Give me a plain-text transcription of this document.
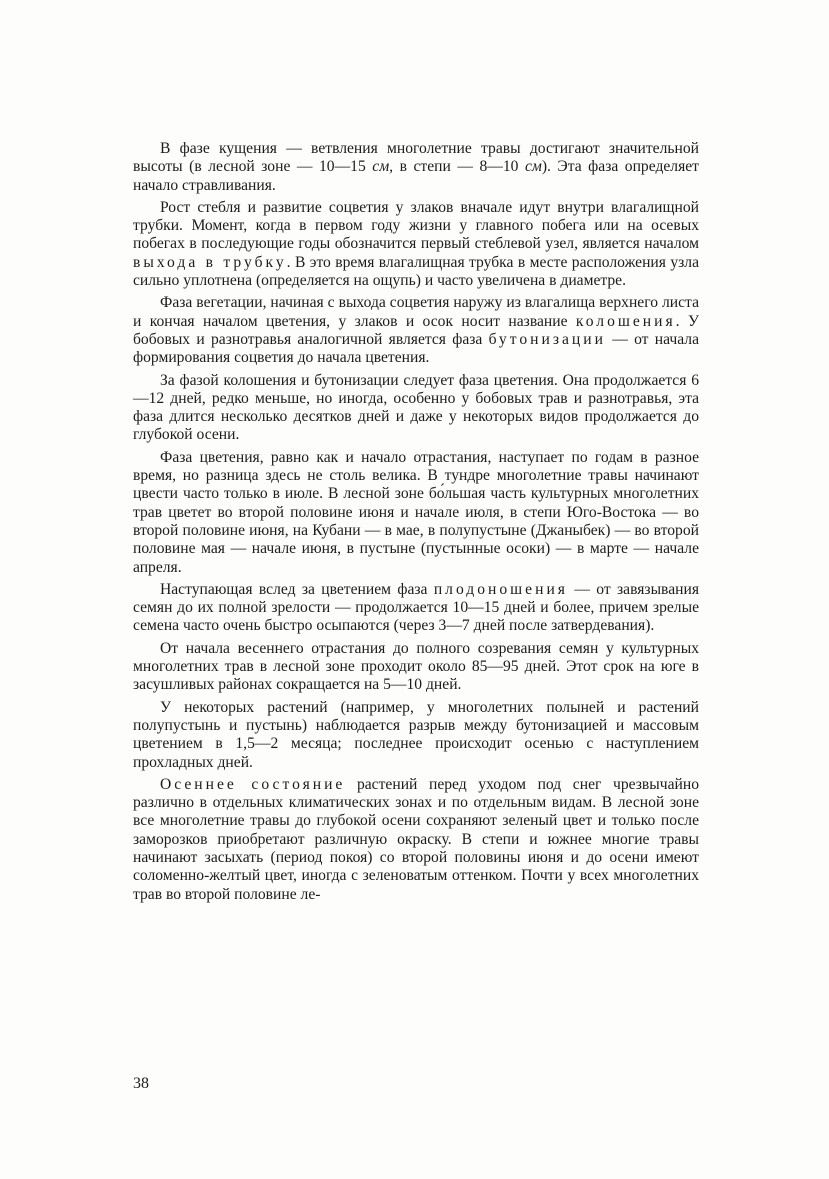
В фазе кущения — ветвления многолетние травы достигают значительной высоты (в лесной зоне — 10—15 см, в степи — 8—10 см). Эта фаза определяет начало стравливания.

Рост стебля и развитие соцветия у злаков вначале идут внутри влагалищной трубки. Момент, когда в первом году жизни у главного побега или на осевых побегах в последующие годы обозначится первый стеблевой узел, является началом выхода в трубку. В это время влагалищная трубка в месте расположения узла сильно уплотнена (определяется на ощупь) и часто увеличена в диаметре.

Фаза вегетации, начиная с выхода соцветия наружу из влагалища верхнего листа и кончая началом цветения, у злаков и осок носит название колошения. У бобовых и разнотравья аналогичной является фаза бутонизации — от начала формирования соцветия до начала цветения.

За фазой колошения и бутонизации следует фаза цветения. Она продолжается 6—12 дней, редко меньше, но иногда, особенно у бобовых трав и разнотравья, эта фаза длится несколько десятков дней и даже у некоторых видов продолжается до глубокой осени.

Фаза цветения, равно как и начало отрастания, наступает по годам в разное время, но разница здесь не столь велика. В тундре многолетние травы начинают цвести часто только в июле. В лесной зоне бо́льшая часть культурных многолетних трав цветет во второй половине июня и начале июля, в степи Юго-Востока — во второй половине июня, на Кубани — в мае, в полупустыне (Джаныбек) — во второй половине мая — начале июня, в пустыне (пустынные осоки) — в марте — начале апреля.

Наступающая вслед за цветением фаза плодоношения — от завязывания семян до их полной зрелости — продолжается 10—15 дней и более, причем зрелые семена часто очень быстро осыпаются (через 3—7 дней после затвердевания).

От начала весеннего отрастания до полного созревания семян у культурных многолетних трав в лесной зоне проходит около 85—95 дней. Этот срок на юге в засушливых районах сокращается на 5—10 дней.

У некоторых растений (например, у многолетних полыней и растений полупустынь и пустынь) наблюдается разрыв между бутонизацией и массовым цветением в 1,5—2 месяца; последнее происходит осенью с наступлением прохладных дней.

Осеннее состояние растений перед уходом под снег чрезвычайно различно в отдельных климатических зонах и по отдельным видам. В лесной зоне все многолетние травы до глубокой осени сохраняют зеленый цвет и только после заморозков приобретают различную окраску. В степи и южнее многие травы начинают засыхать (период покоя) со второй половины июня и до осени имеют соломенно-желтый цвет, иногда с зеленоватым оттенком. Почти у всех многолетних трав во второй половине ле-

38
